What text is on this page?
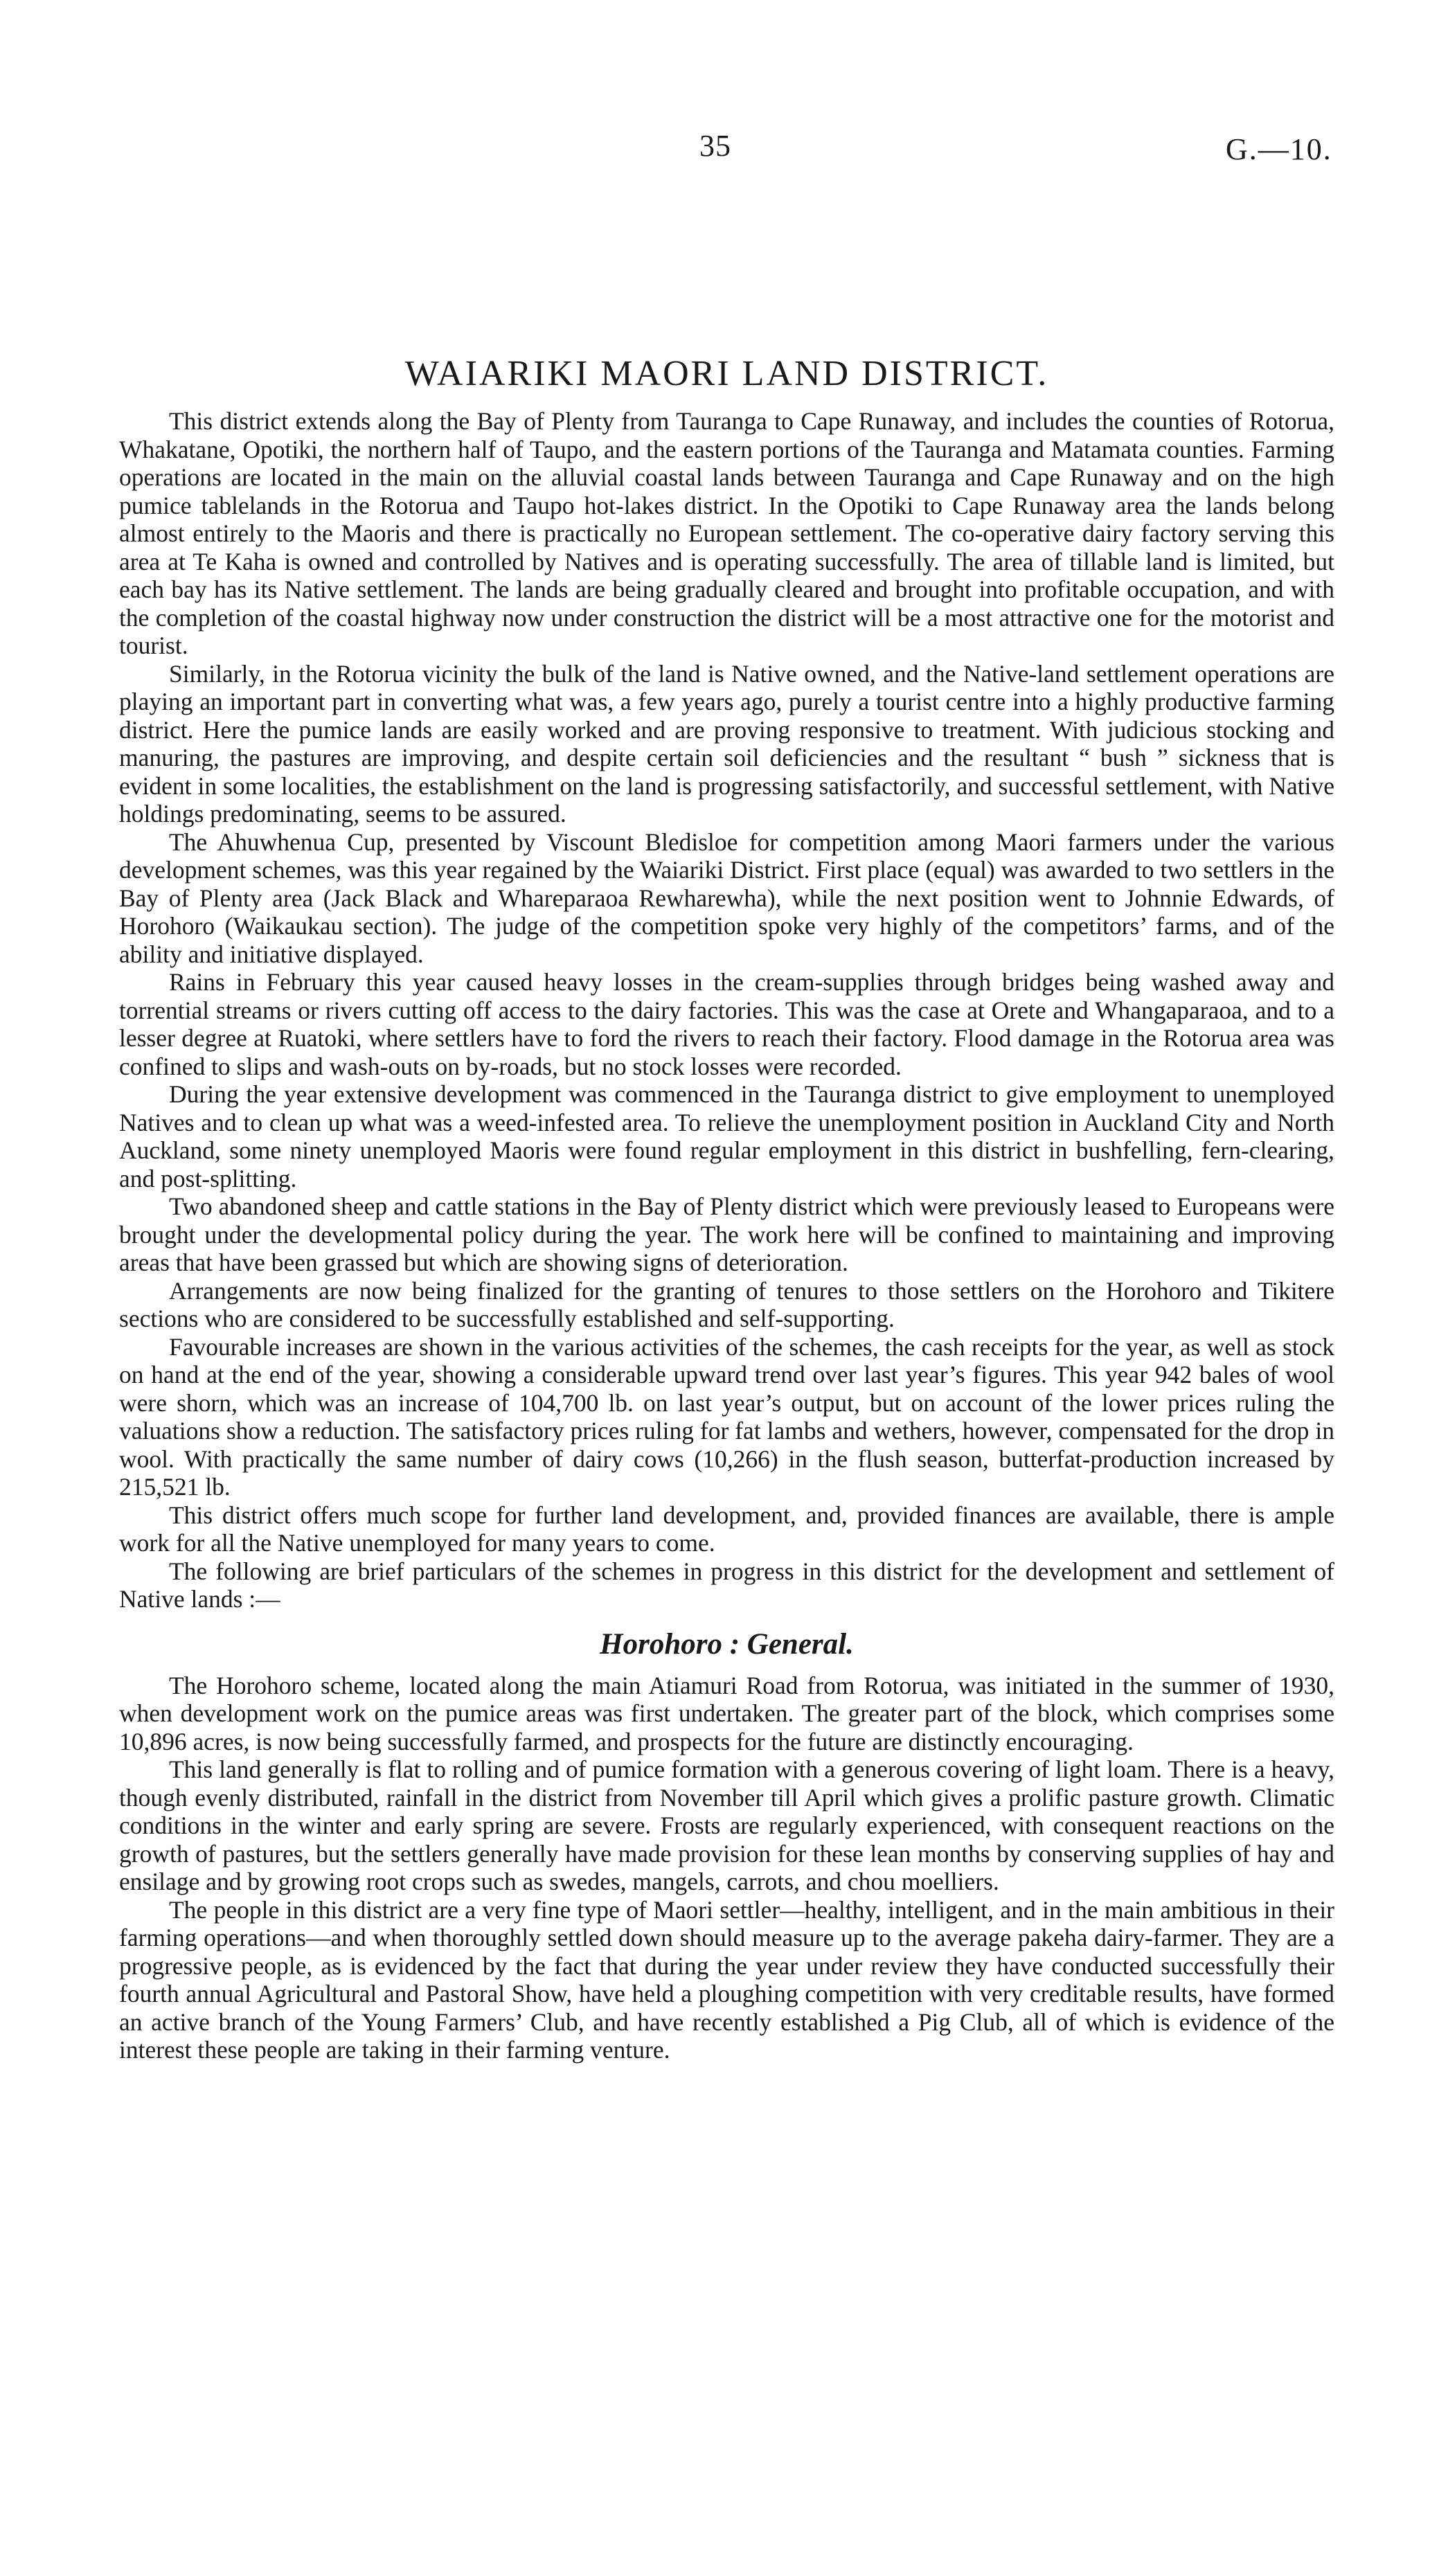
35	G.—10.
WAIARIKI MAORI LAND DISTRICT.

This district extends along the Bay of Plenty from Tauranga to Cape Runaway, and includes the counties of Rotorua, Whakatane, Opotiki, the northern half of Taupo, and the eastern portions of the Tauranga and Matamata counties. Farming operations are located in the main on the alluvial coastal lands between Tauranga and Cape Runaway and on the high pumice tablelands in the Rotorua and Taupo hot-lakes district. In the Opotiki to Cape Runaway area the lands belong almost entirely to the Maoris and there is practically no European settlement. The co-operative dairy factory serving this area at Te Kaha is owned and controlled by Natives and is operating successfully. The area of tillable land is limited, but each bay has its Native settlement. The lands are being gradually cleared and brought into profitable occupation, and with the completion of the coastal highway now under construction the district will be a most attractive one for the motorist and tourist.

Similarly, in the Rotorua vicinity the bulk of the land is Native owned, and the Native-land settlement operations are playing an important part in converting what was, a few years ago, purely a tourist centre into a highly productive farming district. Here the pumice lands are easily worked and are proving responsive to treatment. With judicious stocking and manuring, the pastures are improving, and despite certain soil deficiencies and the resultant “ bush ” sickness that is evident in some localities, the establishment on the land is progressing satisfactorily, and successful settlement, with Native holdings predominating, seems to be assured.

The Ahuwhenua Cup, presented by Viscount Bledisloe for competition among Maori farmers under the various development schemes, was this year regained by the Waiariki District. First place (equal) was awarded to two settlers in the Bay of Plenty area (Jack Black and Whareparaoa Rewharewha), while the next position went to Johnnie Edwards, of Horohoro (Waikaukau section). The judge of the competition spoke very highly of the competitors’ farms, and of the ability and initiative displayed.

Rains in February this year caused heavy losses in the cream-supplies through bridges being washed away and torrential streams or rivers cutting off access to the dairy factories. This was the case at Orete and Whangaparaoa, and to a lesser degree at Ruatoki, where settlers have to ford the rivers to reach their factory. Flood damage in the Rotorua area was confined to slips and wash-outs on by-roads, but no stock losses were recorded.

During the year extensive development was commenced in the Tauranga district to give employment to unemployed Natives and to clean up what was a weed-infested area. To relieve the unemployment position in Auckland City and North Auckland, some ninety unemployed Maoris were found regular employment in this district in bushfelling, fern-clearing, and post-splitting.

Two abandoned sheep and cattle stations in the Bay of Plenty district which were previously leased to Europeans were brought under the developmental policy during the year. The work here will be confined to maintaining and improving areas that have been grassed but which are showing signs of deterioration.

Arrangements are now being finalized for the granting of tenures to those settlers on the Horohoro and Tikitere sections who are considered to be successfully established and self-supporting.

Favourable increases are shown in the various activities of the schemes, the cash receipts for the year, as well as stock on hand at the end of the year, showing a considerable upward trend over last year’s figures. This year 942 bales of wool were shorn, which was an increase of 104,700 lb. on last year’s output, but on account of the lower prices ruling the valuations show a reduction. The satisfactory prices ruling for fat lambs and wethers, however, compensated for the drop in wool. With practically the same number of dairy cows (10,266) in the flush season, butterfat-production increased by 215,521 lb.

This district offers much scope for further land development, and, provided finances are available, there is ample work for all the Native unemployed for many years to come.

The following are brief particulars of the schemes in progress in this district for the development and settlement of Native lands :—

Horohoro : General.

The Horohoro scheme, located along the main Atiamuri Road from Rotorua, was initiated in the summer of 1930, when development work on the pumice areas was first undertaken. The greater part of the block, which comprises some 10,896 acres, is now being successfully farmed, and prospects for the future are distinctly encouraging.

This land generally is flat to rolling and of pumice formation with a generous covering of light loam. There is a heavy, though evenly distributed, rainfall in the district from November till April which gives a prolific pasture growth. Climatic conditions in the winter and early spring are severe. Frosts are regularly experienced, with consequent reactions on the growth of pastures, but the settlers generally have made provision for these lean months by conserving supplies of hay and ensilage and by growing root crops such as swedes, mangels, carrots, and chou moelliers.

The people in this district are a very fine type of Maori settler—healthy, intelligent, and in the main ambitious in their farming operations—and when thoroughly settled down should measure up to the average pakeha dairy-farmer. They are a progressive people, as is evidenced by the fact that during the year under review they have conducted successfully their fourth annual Agricultural and Pastoral Show, have held a ploughing competition with very creditable results, have formed an active branch of the Young Farmers’ Club, and have recently established a Pig Club, all of which is evidence of the interest these people are taking in their farming venture.
